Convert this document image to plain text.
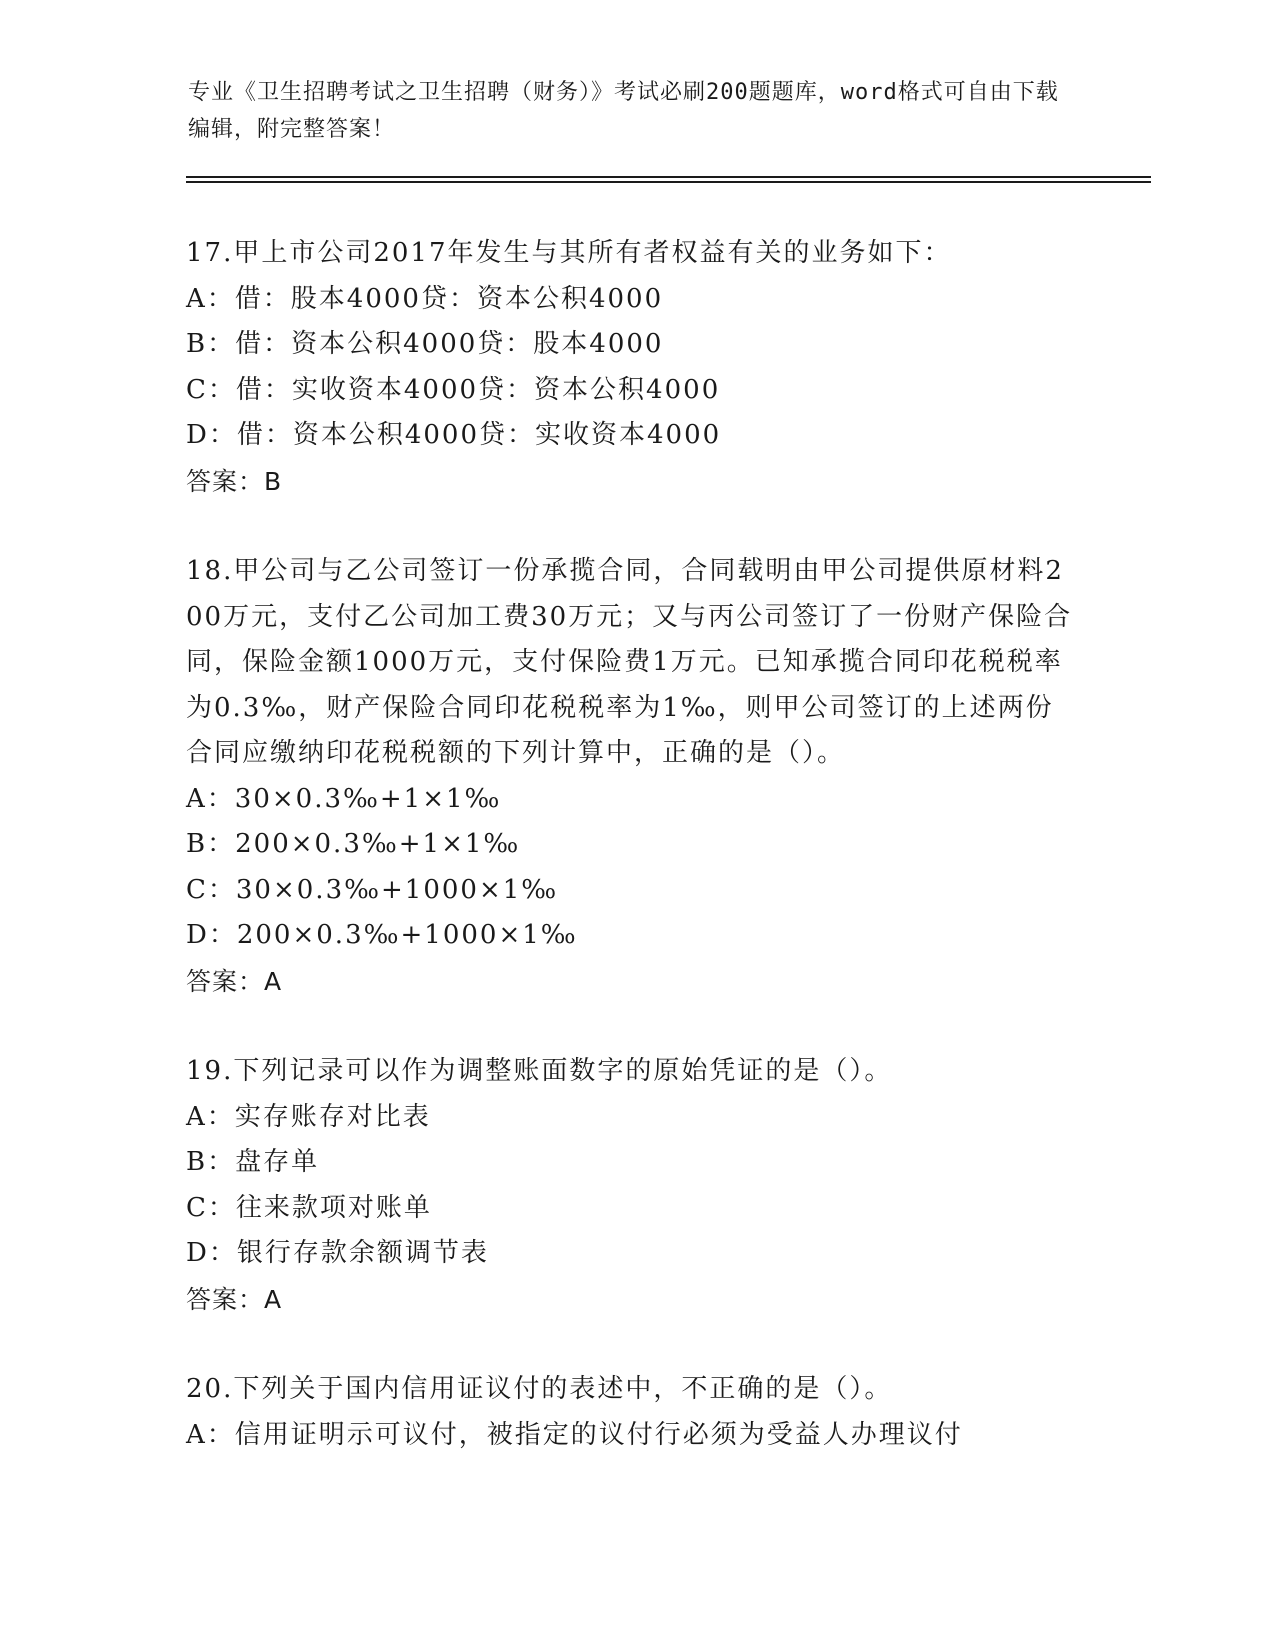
专业《卫生招聘考试之卫生招聘（财务）》考试必刷200题题库，word格式可自由下载编辑，附完整答案！
17.甲上市公司2017年发生与其所有者权益有关的业务如下：
A：借：股本4000贷：资本公积4000
B：借：资本公积4000贷：股本4000
C：借：实收资本4000贷：资本公积4000
D：借：资本公积4000贷：实收资本4000
答案：B
18.甲公司与乙公司签订一份承揽合同，合同载明由甲公司提供原材料200万元，支付乙公司加工费30万元；又与丙公司签订了一份财产保险合同，保险金额1000万元，支付保险费1万元。已知承揽合同印花税税率为0.3‰，财产保险合同印花税税率为1‰，则甲公司签订的上述两份合同应缴纳印花税税额的下列计算中，正确的是（）。
A：30×0.3‰+1×1‰
B：200×0.3‰+1×1‰
C：30×0.3‰+1000×1‰
D：200×0.3‰+1000×1‰
答案：A
19.下列记录可以作为调整账面数字的原始凭证的是（）。
A：实存账存对比表
B：盘存单
C：往来款项对账单
D：银行存款余额调节表
答案：A
20.下列关于国内信用证议付的表述中，不正确的是（）。
A：信用证明示可议付，被指定的议付行必须为受益人办理议付
